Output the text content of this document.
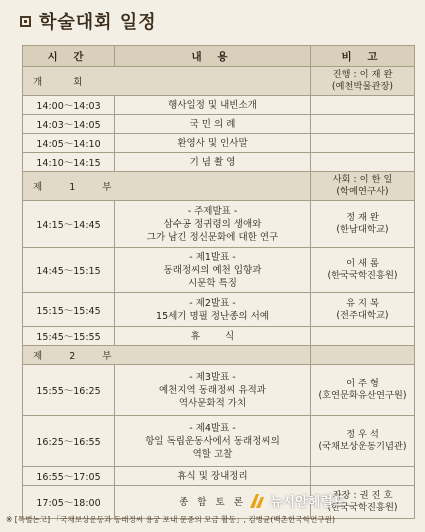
학술대회 일정
시 간	내 용	비 고
개 회		진행 : 이 재 완
(예천박물관장)
14:00～14:03	행사일정 및 내빈소개	
14:03～14:05	국 민 의 례	
14:05～14:10	환영사 및 인사말	
14:10～14:15	기 념 촬 영	
제 1 부		사회 : 이 한 일
(학예연구사)
14:15～14:45	- 주제발표 -
삼수공 정귀령의 생애와
그가 남긴 정신문화에 대한 연구	정 재 완
(한남대학교)
14:45～15:15	- 제1발표 -
동래정씨의 예천 입향과
시문학 특징	이 새 롬
(한국국학진흥원)
15:15～15:45	- 제2발표 -
15세기 명필 정난종의 서예	유 지 복
(전주대학교)
15:45～15:55	휴 식	
제 2 부		
15:55～16:25	- 제3발표 -
예천지역 동래정씨 유적과
역사문화적 가치	이 주 형
(호연문화유산연구원)
16:25～16:55	- 제4발표 -
항일 독립운동사에서 동래정씨의
역할 고찰	정 우 석
(국채보상운동기념관)
16:55～17:05	휴식 및 장내정리	
17:05～18:00	종 합 토 론	좌장 : 권 진 호
(한국국학진흥원)
뉴시안헤럴드
※ [특별논고] 「국채보상운동과 동래정씨 용궁 포내 문중의 모금 활동」, 김병균(백촌한국학연구원)
